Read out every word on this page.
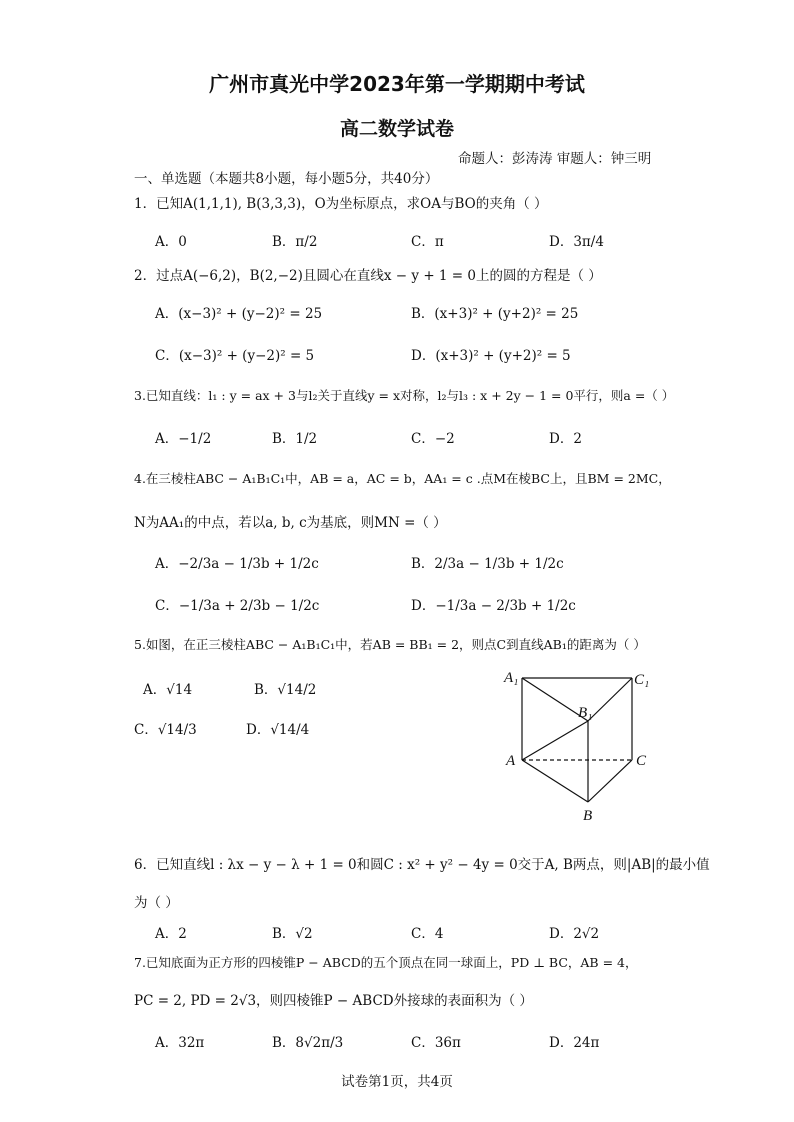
广州市真光中学2023年第一学期期中考试
高二数学试卷
命题人：彭涛涛 审题人：钟三明
一、单选题（本题共8小题，每小题5分，共40分）
1．已知A(1,1,1), B(3,3,3)，O为坐标原点，求OA与BO的夹角（ ）
A．0	B．π/2	C．π	D．3π/4
2．过点A(−6,2)，B(2,−2)且圆心在直线x − y + 1 = 0上的圆的方程是（ ）
A．(x−3)² + (y−2)² = 25	B．(x+3)² + (y+2)² = 25
C．(x−3)² + (y−2)² = 5	D．(x+3)² + (y+2)² = 5
3.已知直线：l₁ : y = ax + 3与l₂关于直线y = x对称，l₂与l₃ : x + 2y − 1 = 0平行，则a =（ ）
A．−1/2	B．1/2	C．−2	D．2
4.在三棱柱ABC − A₁B₁C₁中，AB = a，AC = b，AA₁ = c .点M在棱BC上，且BM = 2MC，
N为AA₁的中点，若以a, b, c为基底，则MN =（ ）
A．−2/3a − 1/3b + 1/2c	B．2/3a − 1/3b + 1/2c
C．−1/3a + 2/3b − 1/2c	D．−1/3a − 2/3b + 1/2c
5.如图，在正三棱柱ABC − A₁B₁C₁中，若AB = BB₁ = 2，则点C到直线AB₁的距离为（ ）
A．√14	B．√14/2
C．√14/3	D．√14/4
A₁	C₁
B₁
A	C
B
6．已知直线l : λx − y − λ + 1 = 0和圆C : x² + y² − 4y = 0交于A, B两点，则|AB|的最小值
为（ ）
A．2	B．√2	C．4	D．2√2
7.已知底面为正方形的四棱锥P − ABCD的五个顶点在同一球面上，PD ⊥ BC，AB = 4，
PC = 2, PD = 2√3，则四棱锥P − ABCD外接球的表面积为（ ）
A．32π	B．8√2π/3	C．36π	D．24π
试卷第1页，共4页
